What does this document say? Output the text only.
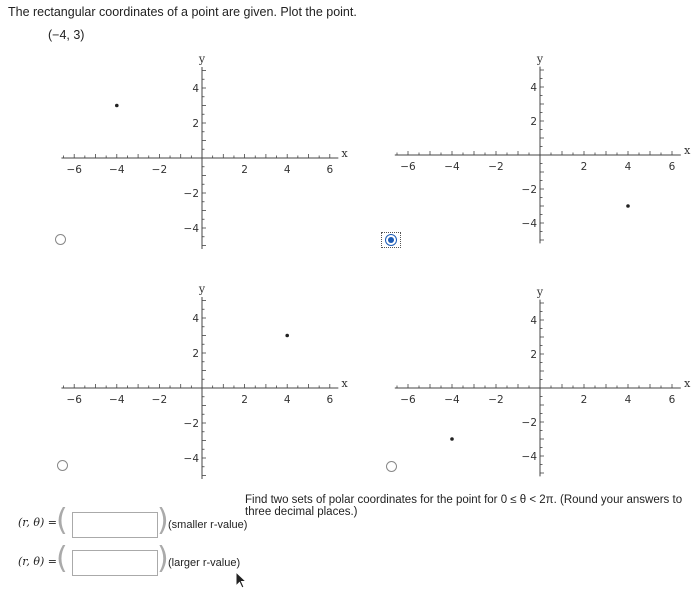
The rectangular coordinates of a point are given. Plot the point.
(−4, 3)
−6	−4	−2	2	4	6
4
2
−2
−4
x
y
−6	−4	−2	2	4	6
4
2
−2
−4
x
y
−6	−4	−2	2	4	6
4
2
−2
−4
x
y
−6	−4	−2	2	4	6
4
2
−2
−4
x
y
Find two sets of polar coordinates for the point for 0 ≤ θ < 2π. (Round your answers to three decimal places.)
(r, θ) = (	) (smaller r-value)
(r, θ) = (	) (larger r-value)
